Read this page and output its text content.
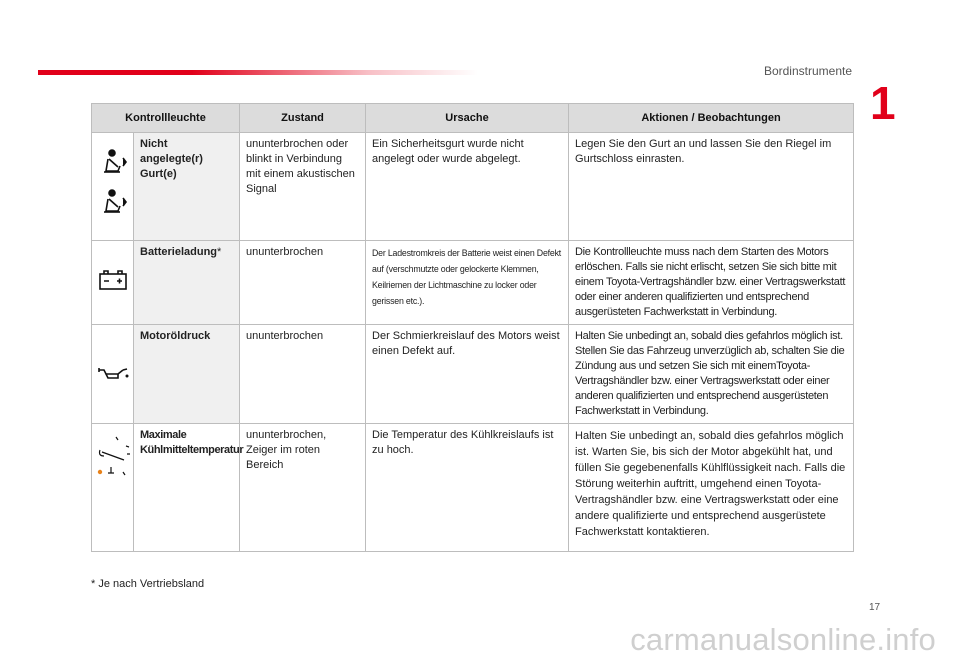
Bordinstrumente
1
Kontrollleuchte		Zustand	Ursache	Aktionen / Beobachtungen
	Nicht angelegte(r) Gurt(e)	ununterbrochen oder blinkt in Verbindung mit einem akustischen Signal	Ein Sicherheitsgurt wurde nicht angelegt oder wurde abgelegt.	Legen Sie den Gurt an und lassen Sie den Riegel im Gurtschloss einrasten.
	Batterieladung*	ununterbrochen	Der Ladestromkreis der Batterie weist einen Defekt auf (verschmutzte oder gelockerte Klemmen, Keilriemen der Lichtmaschine zu locker oder gerissen etc.).	Die Kontrollleuchte muss nach dem Starten des Motors erlöschen. Falls sie nicht erlischt, setzen Sie sich bitte mit einem Toyota-Vertragshändler bzw. einer Vertragswerkstatt oder einer anderen qualifizierten und entsprechend ausgerüsteten Fachwerkstatt in Verbindung.
	Motoröldruck	ununterbrochen	Der Schmierkreislauf des Motors weist einen Defekt auf.	Halten Sie unbedingt an, sobald dies gefahrlos möglich ist. Stellen Sie das Fahrzeug unverzüglich ab, schalten Sie die Zündung aus und setzen Sie sich mit einemToyota-Vertragshändler bzw. einer Vertragswerkstatt oder einer anderen qualifizierten und entsprechend ausgerüsteten Fachwerkstatt in Verbindung.
	Maximale Kühlmitteltemperatur	ununterbrochen, Zeiger im roten Bereich	Die Temperatur des Kühlkreislaufs ist zu hoch.	Halten Sie unbedingt an, sobald dies gefahrlos möglich ist. Warten Sie, bis sich der Motor abgekühlt hat, und füllen Sie gegebenenfalls Kühlflüssigkeit nach. Falls die Störung weiterhin auftritt, umgehend einen Toyota-Vertragshändler bzw. eine Vertragswerkstatt oder eine andere qualifizierte und entsprechend ausgerüstete Fachwerkstatt kontaktieren.
* Je nach Vertriebsland
17
carmanualsonline.info
